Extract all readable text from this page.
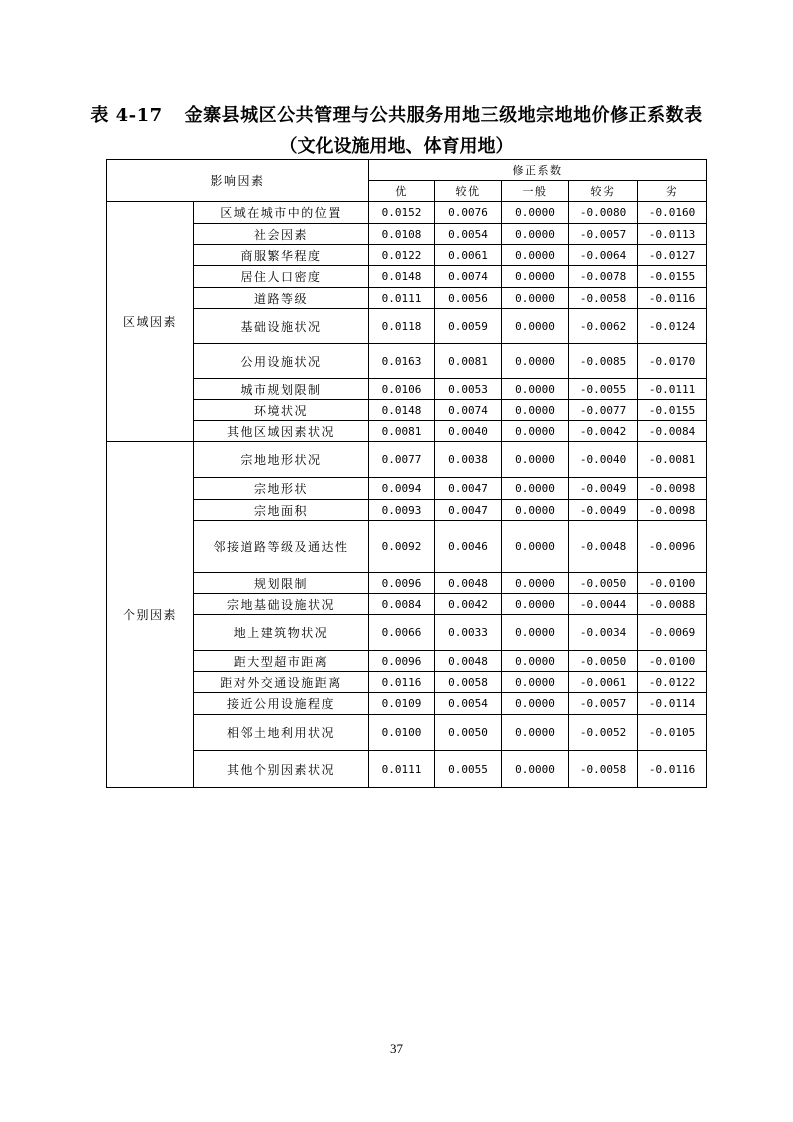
表 4-17 金寨县城区公共管理与公共服务用地三级地宗地地价修正系数表
（文化设施用地、体育用地）
影响因素		修正系数				
		优	较优	一般	较劣	劣
区域因素	区域在城市中的位置	0.0152	0.0076	0.0000	-0.0080	-0.0160
	社会因素	0.0108	0.0054	0.0000	-0.0057	-0.0113
	商服繁华程度	0.0122	0.0061	0.0000	-0.0064	-0.0127
	居住人口密度	0.0148	0.0074	0.0000	-0.0078	-0.0155
	道路等级	0.0111	0.0056	0.0000	-0.0058	-0.0116
	基础设施状况	0.0118	0.0059	0.0000	-0.0062	-0.0124
	公用设施状况	0.0163	0.0081	0.0000	-0.0085	-0.0170
	城市规划限制	0.0106	0.0053	0.0000	-0.0055	-0.0111
	环境状况	0.0148	0.0074	0.0000	-0.0077	-0.0155
	其他区域因素状况	0.0081	0.0040	0.0000	-0.0042	-0.0084
个别因素	宗地地形状况	0.0077	0.0038	0.0000	-0.0040	-0.0081
	宗地形状	0.0094	0.0047	0.0000	-0.0049	-0.0098
	宗地面积	0.0093	0.0047	0.0000	-0.0049	-0.0098
	邻接道路等级及通达性	0.0092	0.0046	0.0000	-0.0048	-0.0096
	规划限制	0.0096	0.0048	0.0000	-0.0050	-0.0100
	宗地基础设施状况	0.0084	0.0042	0.0000	-0.0044	-0.0088
	地上建筑物状况	0.0066	0.0033	0.0000	-0.0034	-0.0069
	距大型超市距离	0.0096	0.0048	0.0000	-0.0050	-0.0100
	距对外交通设施距离	0.0116	0.0058	0.0000	-0.0061	-0.0122
	接近公用设施程度	0.0109	0.0054	0.0000	-0.0057	-0.0114
	相邻土地利用状况	0.0100	0.0050	0.0000	-0.0052	-0.0105
	其他个别因素状况	0.0111	0.0055	0.0000	-0.0058	-0.0116
37
